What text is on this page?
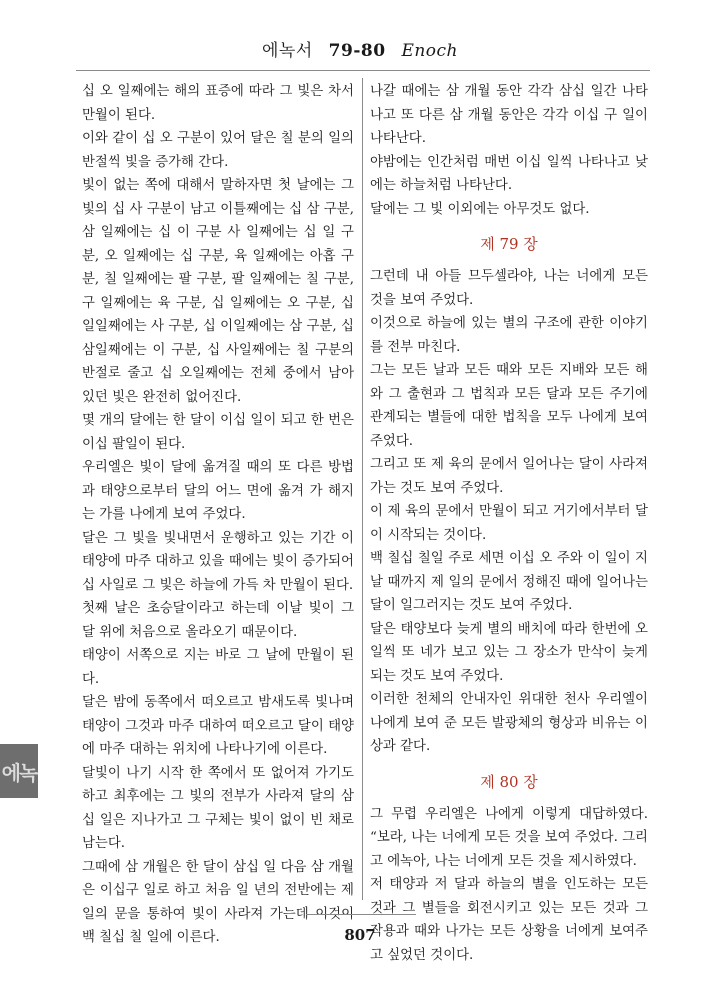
에녹서 79-80 Enoch

십 오 일째에는 해의 표증에 따라 그 빛은 차서 만월이 된다.

이와 같이 십 오 구분이 있어 달은 칠 분의 일의 반절씩 빛을 증가해 간다.

빛이 없는 쪽에 대해서 말하자면 첫 날에는 그 빛의 십 사 구분이 남고 이틀째에는 십 삼 구분, 삼 일째에는 십 이 구분 사 일째에는 십 일 구분, 오 일째에는 십 구분, 육 일째에는 아홉 구분, 칠 일째에는 팔 구분, 팔 일째에는 칠 구분, 구 일째에는 육 구분, 십 일째에는 오 구분, 십 일일째에는 사 구분, 십 이일째에는 삼 구분, 십 삼일째에는 이 구분, 십 사일째에는 칠 구분의 반절로 줄고 십 오일째에는 전체 중에서 남아 있던 빛은 완전히 없어진다.

몇 개의 달에는 한 달이 이십 일이 되고 한 번은 이십 팔일이 된다.

우리엘은 빛이 달에 옮겨질 때의 또 다른 방법과 태양으로부터 달의 어느 면에 옮겨 가 해지는 가를 나에게 보여 주었다.

달은 그 빛을 빛내면서 운행하고 있는 기간 이 태양에 마주 대하고 있을 때에는 빛이 증가되어 십 사일로 그 빛은 하늘에 가득 차 만월이 된다.

첫째 날은 초승달이라고 하는데 이날 빛이 그 달 위에 처음으로 올라오기 때문이다.

태양이 서쪽으로 지는 바로 그 날에 만월이 된다.

달은 밤에 동쪽에서 떠오르고 밤새도록 빛나며 태양이 그것과 마주 대하여 떠오르고 달이 태양에 마주 대하는 위치에 나타나기에 이른다.

달빛이 나기 시작 한 쪽에서 또 없어져 가기도 하고 최후에는 그 빛의 전부가 사라져 달의 삼십 일은 지나가고 그 구체는 빛이 없이 빈 채로 남는다.

그때에 삼 개월은 한 달이 삼십 일 다음 삼 개월은 이십구 일로 하고 처음 일 년의 전반에는 제 일의 문을 통하여 빛이 사라져 가는데 이것이 백 칠십 칠 일에 이른다.

나갈 때에는 삼 개월 동안 각각 삼십 일간 나타나고 또 다른 삼 개월 동안은 각각 이십 구 일이 나타난다.

야밤에는 인간처럼 매번 이십 일씩 나타나고 낮에는 하늘처럼 나타난다.

달에는 그 빛 이외에는 아무것도 없다.

제 79 장

그런데 내 아들 므두셀라야, 나는 너에게 모든 것을 보여 주었다.

이것으로 하늘에 있는 별의 구조에 관한 이야기를 전부 마친다.

그는 모든 날과 모든 때와 모든 지배와 모든 해와 그 출현과 그 법칙과 모든 달과 모든 주기에 관계되는 별들에 대한 법칙을 모두 나에게 보여 주었다.

그리고 또 제 육의 문에서 일어나는 달이 사라져가는 것도 보여 주었다.

이 제 육의 문에서 만월이 되고 거기에서부터 달이 시작되는 것이다.

백 칠십 칠일 주로 세면 이십 오 주와 이 일이 지날 때까지 제 일의 문에서 정해진 때에 일어나는 달이 일그러지는 것도 보여 주었다.

달은 태양보다 늦게 별의 배치에 따라 한번에 오 일씩 또 네가 보고 있는 그 장소가 만삭이 늦게 되는 것도 보여 주었다.

이러한 천체의 안내자인 위대한 천사 우리엘이 나에게 보여 준 모든 발광체의 형상과 비유는 이상과 같다.

제 80 장

그 무렵 우리엘은 나에게 이렇게 대답하였다. “보라, 나는 너에게 모든 것을 보여 주었다. 그리고 에녹아, 나는 너에게 모든 것을 제시하였다.

저 태양과 저 달과 하늘의 별을 인도하는 모든 것과 그 별들을 회전시키고 있는 모든 것과 그 작용과 때와 나가는 모든 상황을 너에게 보여주고 싶었던 것이다.

에녹
807
